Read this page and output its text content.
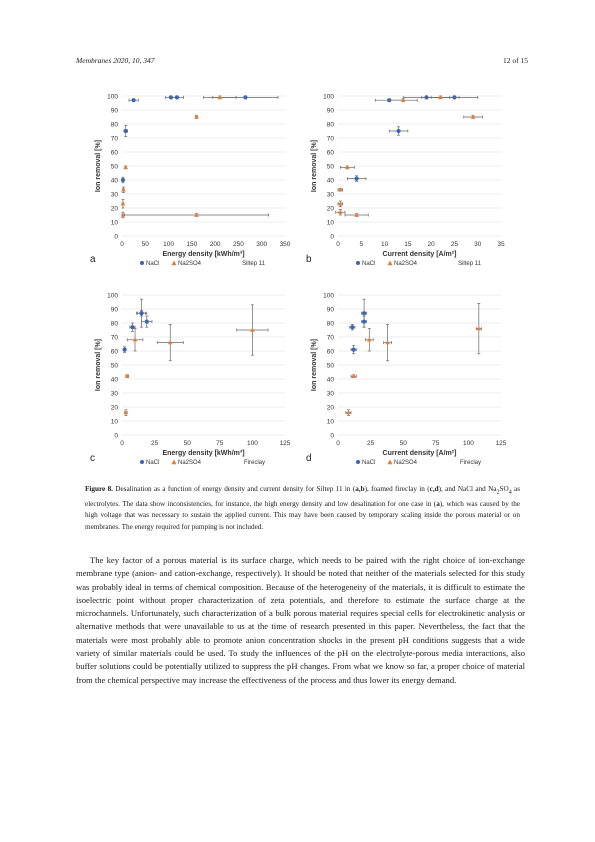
Membranes 2020, 10, 347	12 of 15
0
10
20
30
40
50
60
70
80
90
100
0	50 100 150 200 250 300 350
Energy density [kWh/m³]
Ion removal [%]
a	NaCl	Na2SO4	Siltep 11
0
10
20
30
40
50
60
70
80
90
100
0	5	10 15 20 25 30 35
Current density [A/m²]
Ion removal [%]
b	NaCl	Na2SO4	Siltep 11
0
10
20
30
40
50
60
70
80
90
100
0	25	50	75	100	125
Energy density [kWh/m³]
Ion removal [%]
c	NaCl	Na2SO4	Fireclay
0
10
20
30
40
50
60
70
80
90
100
0	25	50	75	100	125
Current density [A/m²]
Ion removal [%]
d	NaCl	Na2SO4	Fireclay
Figure 8. Desalination as a function of energy density and current density for Siltep 11 in (a,b), foamed fireclay in (c,d), and NaCl and $Na_2SO_4$ as electrolytes. The data show inconsistencies, for instance, the high energy density and low desalination for one case in (a), which was caused by the high voltage that was necessary to sustain the applied current. This may have been caused by temporary scaling inside the porous material or on membranes. The energy required for pumping is not included.
The key factor of a porous material is its surface charge, which needs to be paired with the right choice of ion-exchange membrane type (anion- and cation-exchange, respectively). It should be noted that neither of the materials selected for this study was probably ideal in terms of chemical composition. Because of the heterogeneity of the materials, it is difficult to estimate the isoelectric point without proper characterization of zeta potentials, and therefore to estimate the surface charge at the microchannels. Unfortunately, such characterization of a bulk porous material requires special cells for electrokinetic analysis or alternative methods that were unavailable to us at the time of research presented in this paper. Nevertheless, the fact that the materials were most probably able to promote anion concentration shocks in the present pH conditions suggests that a wide variety of similar materials could be used. To study the influences of the pH on the electrolyte-porous media interactions, also buffer solutions could be potentially utilized to suppress the pH changes. From what we know so far, a proper choice of material from the chemical perspective may increase the effectiveness of the process and thus lower its energy demand.
